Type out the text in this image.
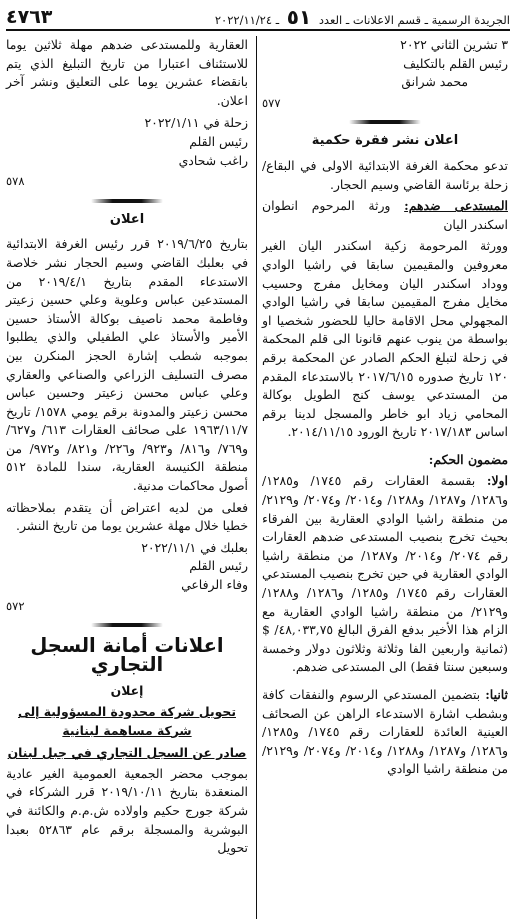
الجريدة الرسمية ـ قسم الاعلانات ـ العدد ٥١ ـ ٢٠٢٢/١١/٢٤
٤٧٦٣

٣ تشرين الثاني ٢٠٢٢

رئيس القلم بالتكليف

محمد شرانق

٥٧٧
اعلان نشر فقرة حكمية

تدعو محكمة الغرفة الابتدائية الاولى في البقاع/ زحلة برئاسة القاضي وسيم الحجار.

المستدعى ضدهم: ورثة المرحوم انطوان اسكندر اليان

وورثة المرحومة زكية اسكندر اليان الغير معروفين والمقيمين سابقا في راشيا الوادي ووداد اسكندر اليان ومخايل مفرج وحسيب مخايل مفرج المقيمين سابقا في راشيا الوادي المجهولي محل الاقامة حاليا للحضور شخصيا او بواسطة من ينوب عنهم قانونا الى قلم المحكمة في زحلة لتبلغ الحكم الصادر عن المحكمة برقم ١٢٠ تاريخ صدوره ٢٠١٧/٦/١٥ بالاستدعاء المقدم من المستدعي يوسف كنج الطويل بوكالة المحامي زياد ابو خاطر والمسجل لدينا برقم اساس ٢٠١٧/١٨٣ تاريخ الورود ٢٠١٤/١١/١٥.

مضمون الحكم:

اولا: بقسمة العقارات رقم ١٧٤٥/ و١٢٨٥/ و١٢٨٦/ و١٢٨٧/ و١٢٨٨/ و٢٠١٤/ و٢٠٧٤/ و٢١٢٩/ من منطقة راشيا الوادي العقارية بين الفرقاء بحيث تخرج بنصيب المستدعى ضدهم العقارات رقم ٢٠٧٤/ و٢٠١٤/ و١٢٨٧/ من منطقة راشيا الوادي العقارية في حين تخرج بنصيب المستدعي العقارات رقم ١٧٤٥/ و١٢٨٥/ و١٢٨٦/ و١٢٨٨/ و٢١٢٩/ من منطقة راشيا الوادي العقارية مع الزام هذا الأخير بدفع الفرق البالغ ٤٨,٠٣٣,٧٥/ $ (ثمانية واربعين الفا وثلاثة وثلاثون دولار وخمسة وسبعين سنتا فقط) الى المستدعى ضدهم.

ثانيا: بتضمين المستدعي الرسوم والنفقات كافة وبشطب اشارة الاستدعاء الراهن عن الصحائف العينية العائدة للعقارات رقم ١٧٤٥/ و١٢٨٥/ و١٢٨٦/ و١٢٨٧/ و١٢٨٨/ و٢٠١٤/ و٢٠٧٤/ و٢١٢٩/ من منطقة راشيا الوادي

العقارية وللمستدعى ضدهم مهلة ثلاثين يوما للاستئناف اعتبارا من تاريخ التبليغ الذي يتم بانقضاء عشرين يوما على التعليق ونشر آخر اعلان.

زحلة في ٢٠٢٢/١/١١

رئيس القلم

راغب شحادي

٥٧٨
اعلان

بتاريخ ٢٠١٩/٦/٢٥ قرر رئيس الغرفة الابتدائية في بعلبك القاضي وسيم الحجار نشر خلاصة الاستدعاء المقدم بتاريخ ٢٠١٩/٤/١ من المستدعين عباس وعلوية وعلي حسين زعيتر وفاطمة محمد ناصيف بوكالة الأستاذ حسين الأمير والأستاذ علي الطفيلي والذي يطلبوا بموجبه شطب إشارة الحجز المنكرن بين مصرف التسليف الزراعي والصناعي والعقاري وعلي عباس محسن زعيتر وحسين عباس محسن زعيتر والمدونة برقم يومي ١٥٧٨/ تاريخ ١٩٦٣/١١/٧ على صحائف العقارات ٦١٣/ و٦٢٧/ و٧٦٩/ و٨١٦/ و٩٢٣/ و٢٢٦/ و٨٢١/ و٩٧٢/ من منطقة الكنيسة العقارية، سندا للمادة ٥١٢ أصول محاكمات مدنية.

فعلى من لديه اعتراض أن يتقدم بملاحظاته خطيا خلال مهلة عشرين يوما من تاريخ النشر.

بعلبك في ٢٠٢٢/١١/١

رئيس القلم

وفاء الرفاعي

٥٧٢
اعلانات أمانة السجل التجاري
إعلان
تحويل شركة محدودة المسؤولية إلى شركة مساهمة لبنانية
صادر عن السجل التجاري في جبل لبنان

بموجب محضر الجمعية العمومية الغير عادية المنعقدة بتاريخ ٢٠١٩/١٠/١١ قرر الشركاء في شركة جورج حكيم واولاده ش.م.م والكائنة في البوشرية والمسجلة برقم عام ٥٢٨٦٣ بعبدا تحويل
